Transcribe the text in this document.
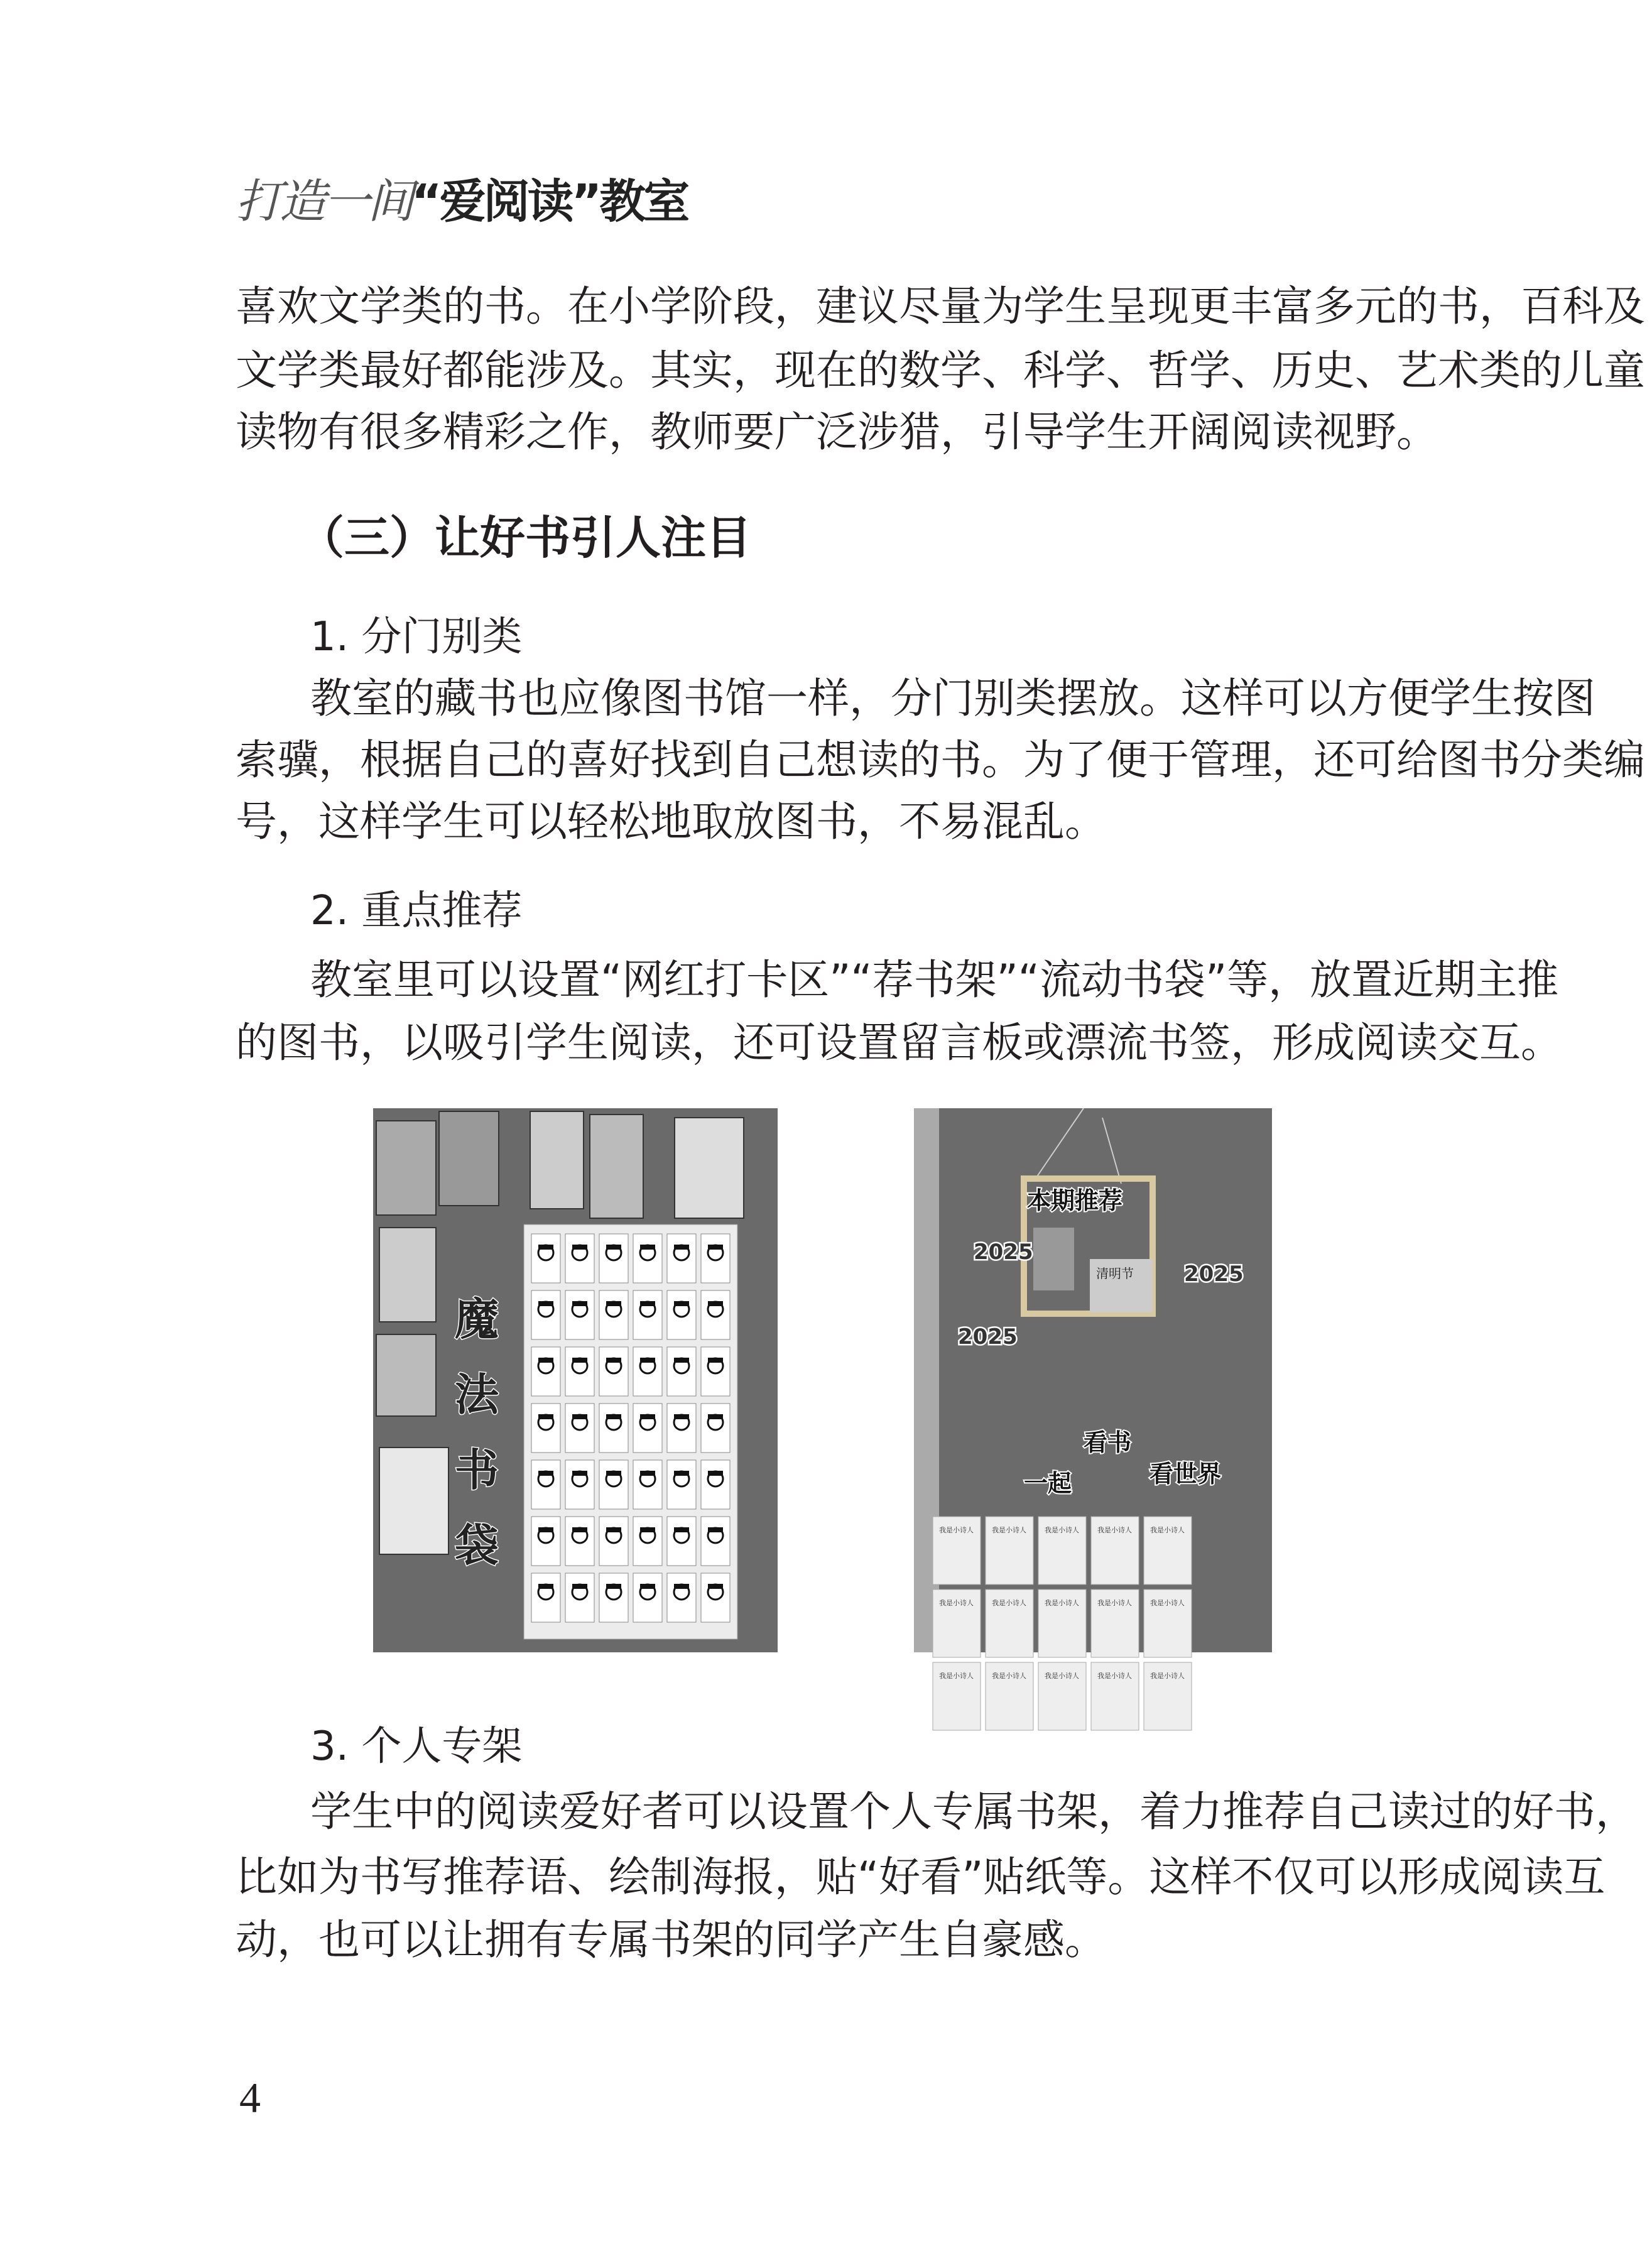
打造一间“爱阅读”教室
喜欢文学类的书。在小学阶段，建议尽量为学生呈现更丰富多元的书，百科及
文学类最好都能涉及。其实，现在的数学、科学、哲学、历史、艺术类的儿童
读物有很多精彩之作，教师要广泛涉猎，引导学生开阔阅读视野。
（三）让好书引人注目
1. 分门别类
教室的藏书也应像图书馆一样，分门别类摆放。这样可以方便学生按图
索骥，根据自己的喜好找到自己想读的书。为了便于管理，还可给图书分类编
号，这样学生可以轻松地取放图书，不易混乱。
2. 重点推荐
教室里可以设置“网红打卡区”“荐书架”“流动书袋”等，放置近期主推
的图书，以吸引学生阅读，还可设置留言板或漂流书签，形成阅读交互。
魔
法
书
袋
本期推荐
一起
看书
看世界
2025
2025
2025
清明节
我是小诗人	我是小诗人	我是小诗人	我是小诗人	我是小诗人
我是小诗人	我是小诗人	我是小诗人	我是小诗人	我是小诗人
我是小诗人	我是小诗人	我是小诗人	我是小诗人	我是小诗人
3. 个人专架
学生中的阅读爱好者可以设置个人专属书架，着力推荐自己读过的好书，
比如为书写推荐语、绘制海报，贴“好看”贴纸等。这样不仅可以形成阅读互
动，也可以让拥有专属书架的同学产生自豪感。
4
